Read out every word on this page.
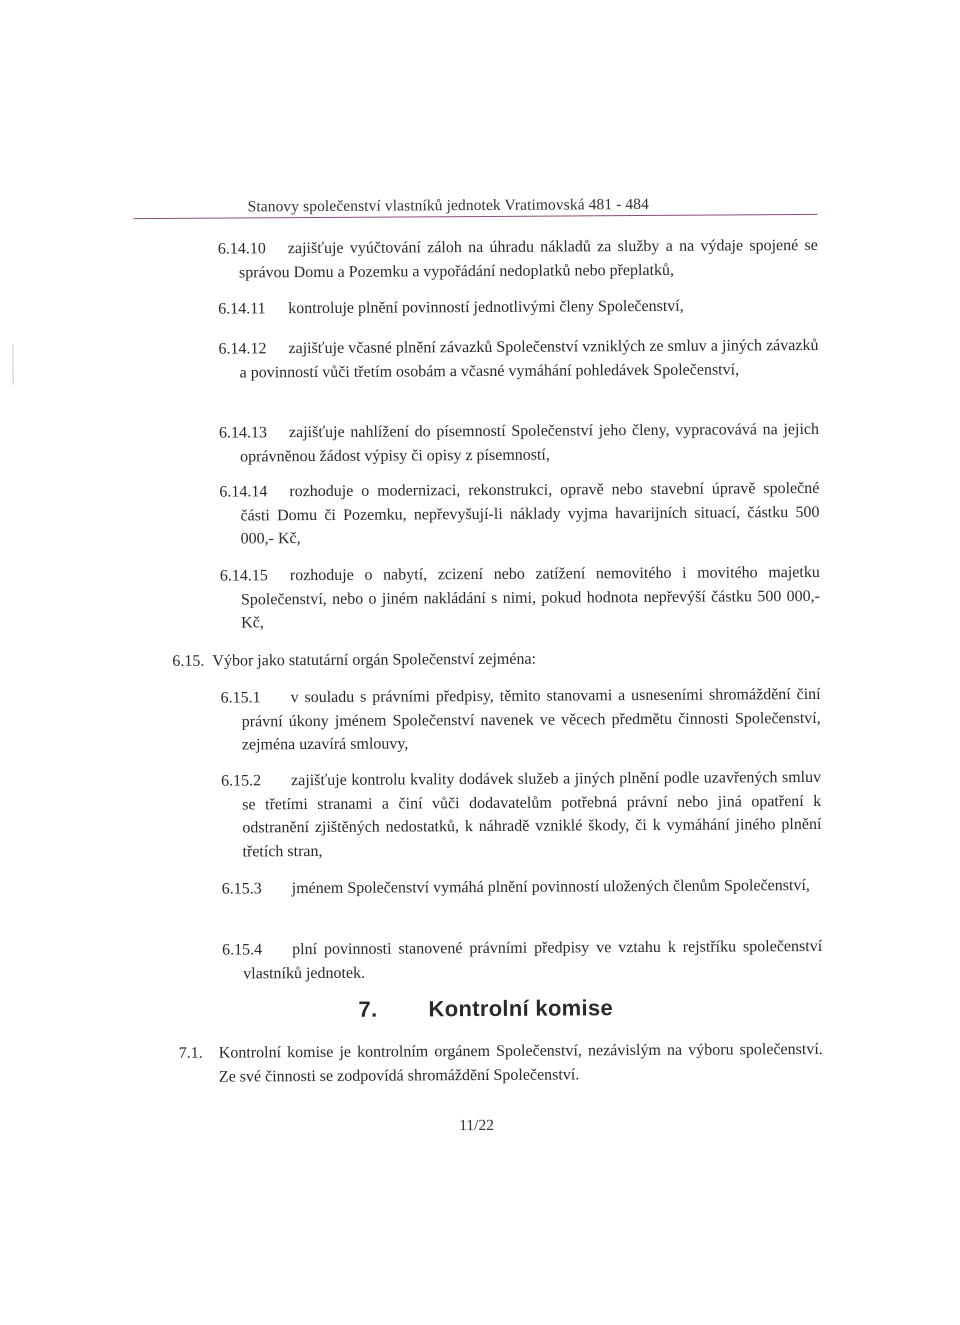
Stanovy společenství vlastníků jednotek Vratimovská 481 - 484
6.14.10	zajišťuje vyúčtování záloh na úhradu nákladů za služby a na výdaje spojené se správou Domu a Pozemku a vypořádání nedoplatků nebo přeplatků,
6.14.11	kontroluje plnění povinností jednotlivými členy Společenství,
6.14.12	zajišťuje včasné plnění závazků Společenství vzniklých ze smluv a jiných závazků a povinností vůči třetím osobám a včasné vymáhání pohledávek Společenství,
6.14.13	zajišťuje nahlížení do písemností Společenství jeho členy, vypracovává na jejich oprávněnou žádost výpisy či opisy z písemností,
6.14.14	rozhoduje o modernizaci, rekonstrukci, opravě nebo stavební úpravě společné části Domu či Pozemku, nepřevyšují-li náklady vyjma havarijních situací, částku 500 000,- Kč,
6.14.15	rozhoduje o nabytí, zcizení nebo zatížení nemovitého i movitého majetku Společenství, nebo o jiném nakládání s nimi, pokud hodnota nepřevýší částku 500 000,- Kč,
6.15. Výbor jako statutární orgán Společenství zejména:
6.15.1	v souladu s právními předpisy, těmito stanovami a usneseními shromáždění činí právní úkony jménem Společenství navenek ve věcech předmětu činnosti Společenství, zejména uzavírá smlouvy,
6.15.2	zajišťuje kontrolu kvality dodávek služeb a jiných plnění podle uzavřených smluv se třetími stranami a činí vůči dodavatelům potřebná právní nebo jiná opatření k odstranění zjištěných nedostatků, k náhradě vzniklé škody, či k vymáhání jiného plnění třetích stran,
6.15.3	jménem Společenství vymáhá plnění povinností uložených členům Společenství,
6.15.4	plní povinnosti stanovené právními předpisy ve vztahu k rejstříku společenství vlastníků jednotek.
7. Kontrolní komise
7.1. Kontrolní komise je kontrolním orgánem Společenství, nezávislým na výboru společenství. Ze své činnosti se zodpovídá shromáždění Společenství.
11/22
